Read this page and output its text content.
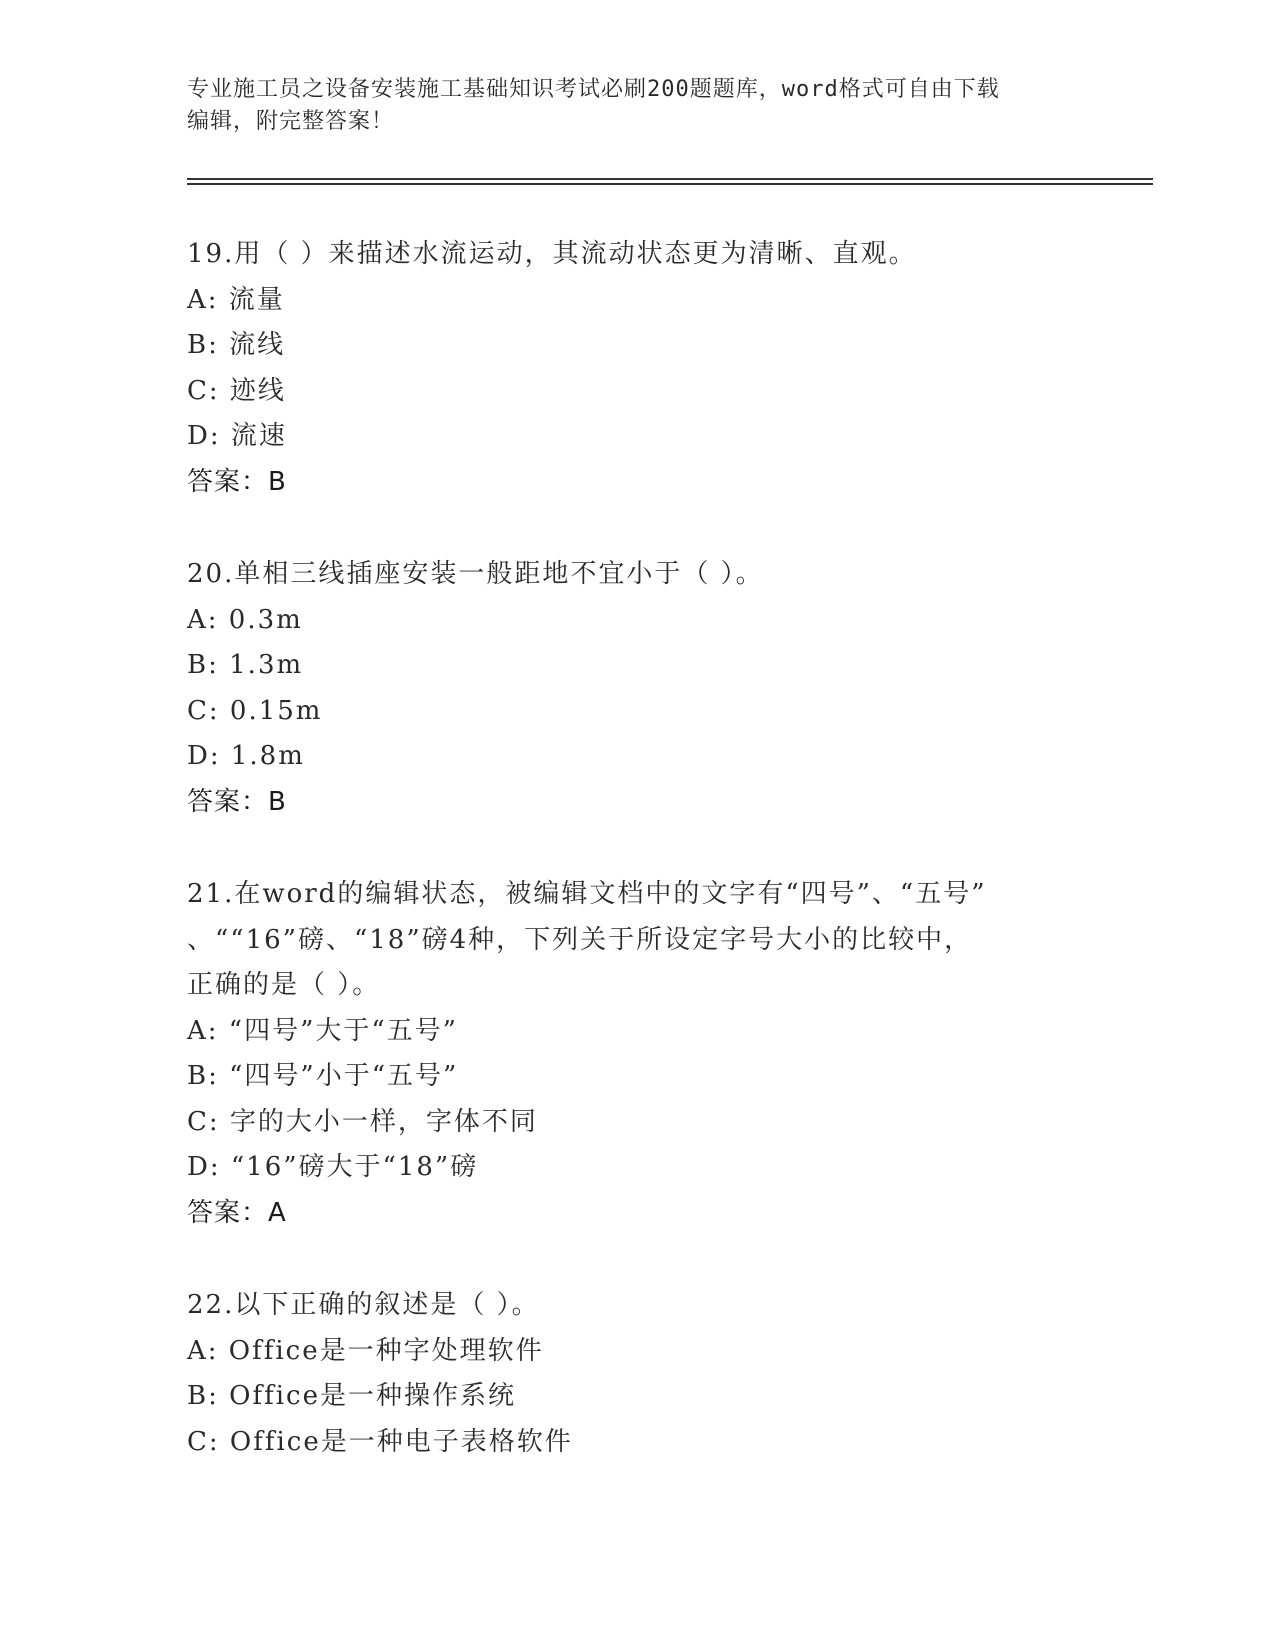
专业施工员之设备安装施工基础知识考试必刷200题题库，word格式可自由下载
编辑，附完整答案！
19.用（ ）来描述水流运动，其流动状态更为清晰、直观。
A: 流量
B: 流线
C: 迹线
D: 流速
答案：B
20.单相三线插座安装一般距地不宜小于（ ）。
A: 0.3m
B: 1.3m
C: 0.15m
D: 1.8m
答案：B
21.在word的编辑状态，被编辑文档中的文字有“四号”、“五号”
、““16”磅、“18”磅4种，下列关于所设定字号大小的比较中，
正确的是（ ）。
A: “四号”大于“五号”
B: “四号”小于“五号”
C: 字的大小一样，字体不同
D: “16”磅大于“18”磅
答案：A
22.以下正确的叙述是（ ）。
A: Office是一种字处理软件
B: Office是一种操作系统
C: Office是一种电子表格软件
